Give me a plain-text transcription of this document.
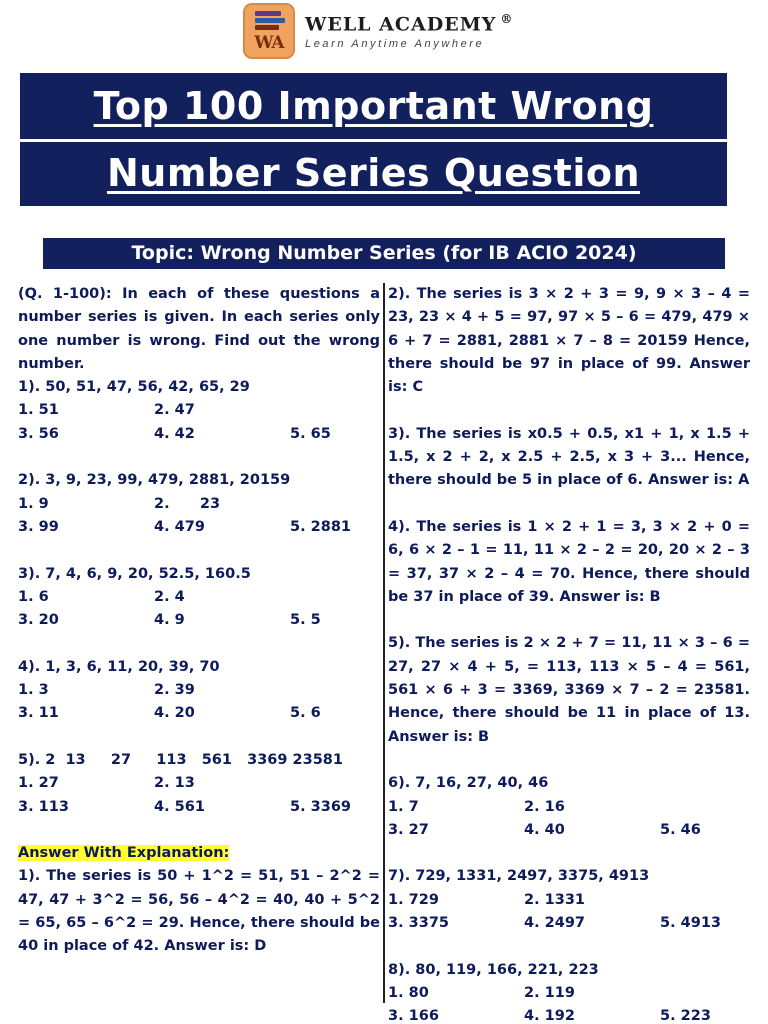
WA
WELL ACADEMY ®
Learn Anytime Anywhere
Top 100 Important Wrong
Number Series Question
Topic: Wrong Number Series (for IB ACIO 2024)
(Q. 1-100): In each of these questions a number series is given. In each series only one number is wrong. Find out the wrong number.
1). 50, 51, 47, 56, 42, 65, 29
1. 51	2. 47
3. 56	4. 42	5. 65
2). 3, 9, 23, 99, 479, 2881, 20159
1. 9	2.      23
3. 99	4. 479	5. 2881
3). 7, 4, 6, 9, 20, 52.5, 160.5
1. 6	2. 4
3. 20	4. 9	5. 5
4). 1, 3, 6, 11, 20, 39, 70
1. 3	2. 39
3. 11	4. 20	5. 6
5). 2  13     27     113   561   3369 23581
1. 27	2. 13
3. 113	4. 561	5. 3369
Answer With Explanation:
1). The series is 50 + 1^2 = 51, 51 – 2^2 = 47, 47 + 3^2 = 56, 56 – 4^2 = 40, 40 + 5^2 = 65, 65 – 6^2 = 29. Hence, there should be 40 in place of 42. Answer is: D
2). The series is 3 × 2 + 3 = 9, 9 × 3 – 4 = 23, 23 × 4 + 5 = 97, 97 × 5 – 6 = 479, 479 × 6 + 7 = 2881, 2881 × 7 – 8 = 20159 Hence, there should be 97 in place of 99. Answer is: C
3). The series is x0.5 + 0.5, x1 + 1, x 1.5 + 1.5, x 2 + 2, x 2.5 + 2.5, x 3 + 3... Hence, there should be 5 in place of 6. Answer is: A
4). The series is 1 × 2 + 1 = 3, 3 × 2 + 0 = 6, 6 × 2 – 1 = 11, 11 × 2 – 2 = 20, 20 × 2 – 3 = 37, 37 × 2 – 4 = 70. Hence, there should be 37 in place of 39. Answer is: B
5). The series is 2 × 2 + 7 = 11, 11 × 3 – 6 = 27, 27 × 4 + 5, = 113, 113 × 5 – 4 = 561, 561 × 6 + 3 = 3369, 3369 × 7 – 2 = 23581. Hence, there should be 11 in place of 13. Answer is: B
6). 7, 16, 27, 40, 46
1. 7	2. 16
3. 27	4. 40	5. 46
7). 729, 1331, 2497, 3375, 4913
1. 729	2. 1331
3. 3375	4. 2497	5. 4913
8). 80, 119, 166, 221, 223
1. 80	2. 119
3. 166	4. 192	5. 223
